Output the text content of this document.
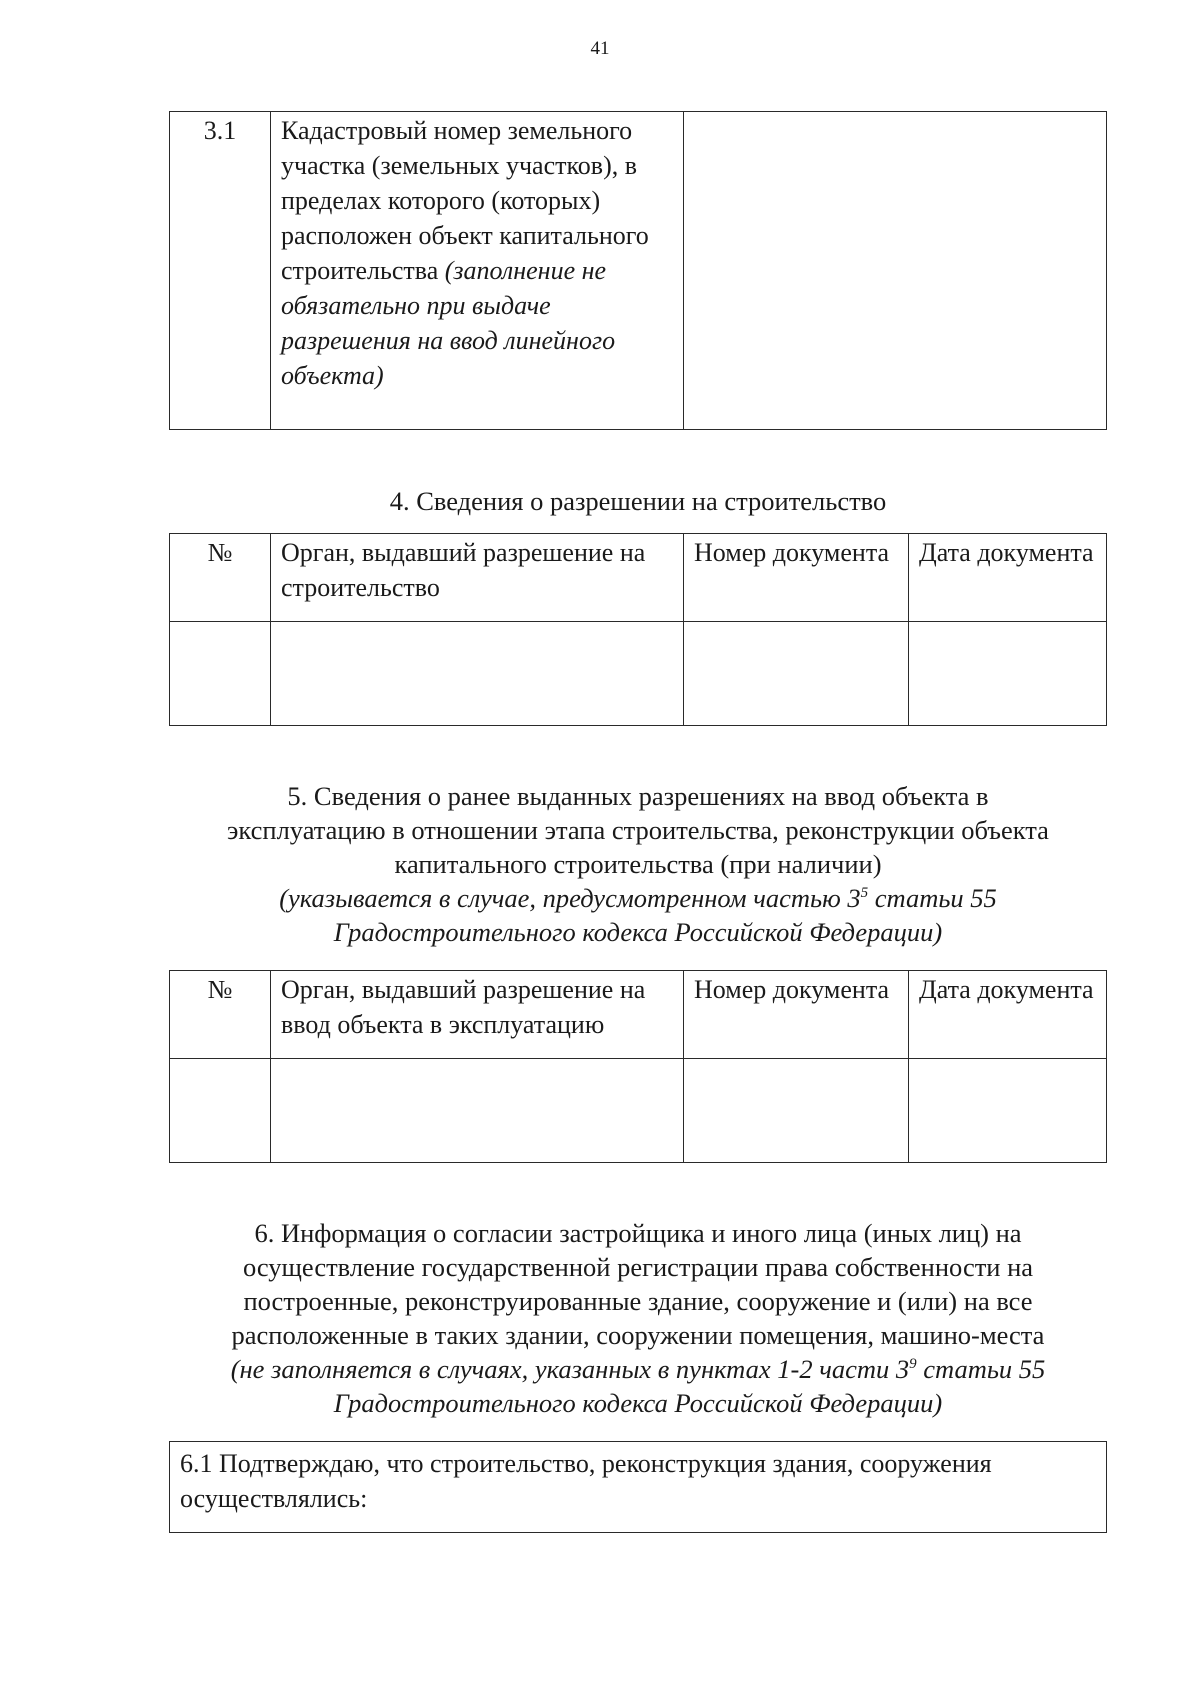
41
3.1	Кадастровый номер земельного участка (земельных участков), в пределах которого (которых) расположен объект капитального строительства (заполнение не обязательно при выдаче разрешения на ввод линейного объекта)	
4. Сведения о разрешении на строительство
№	Орган, выдавший разрешение на строительство	Номер документа	Дата документа

5. Сведения о ранее выданных разрешениях на ввод объекта в
эксплуатацию в отношении этапа строительства, реконструкции объекта
капитального строительства (при наличии)
(указывается в случае, предусмотренном частью $3^5$ статьи 55
Градостроительного кодекса Российской Федерации)
№	Орган, выдавший разрешение на ввод объекта в эксплуатацию	Номер документа	Дата документа

6. Информация о согласии застройщика и иного лица (иных лиц) на
осуществление государственной регистрации права собственности на
построенные, реконструированные здание, сооружение и (или) на все
расположенные в таких здании, сооружении помещения, машино-места
(не заполняется в случаях, указанных в пунктах 1-2 части $3^9$ статьи 55
Градостроительного кодекса Российской Федерации)
6.1 Подтверждаю, что строительство, реконструкция здания, сооружения осуществлялись:
